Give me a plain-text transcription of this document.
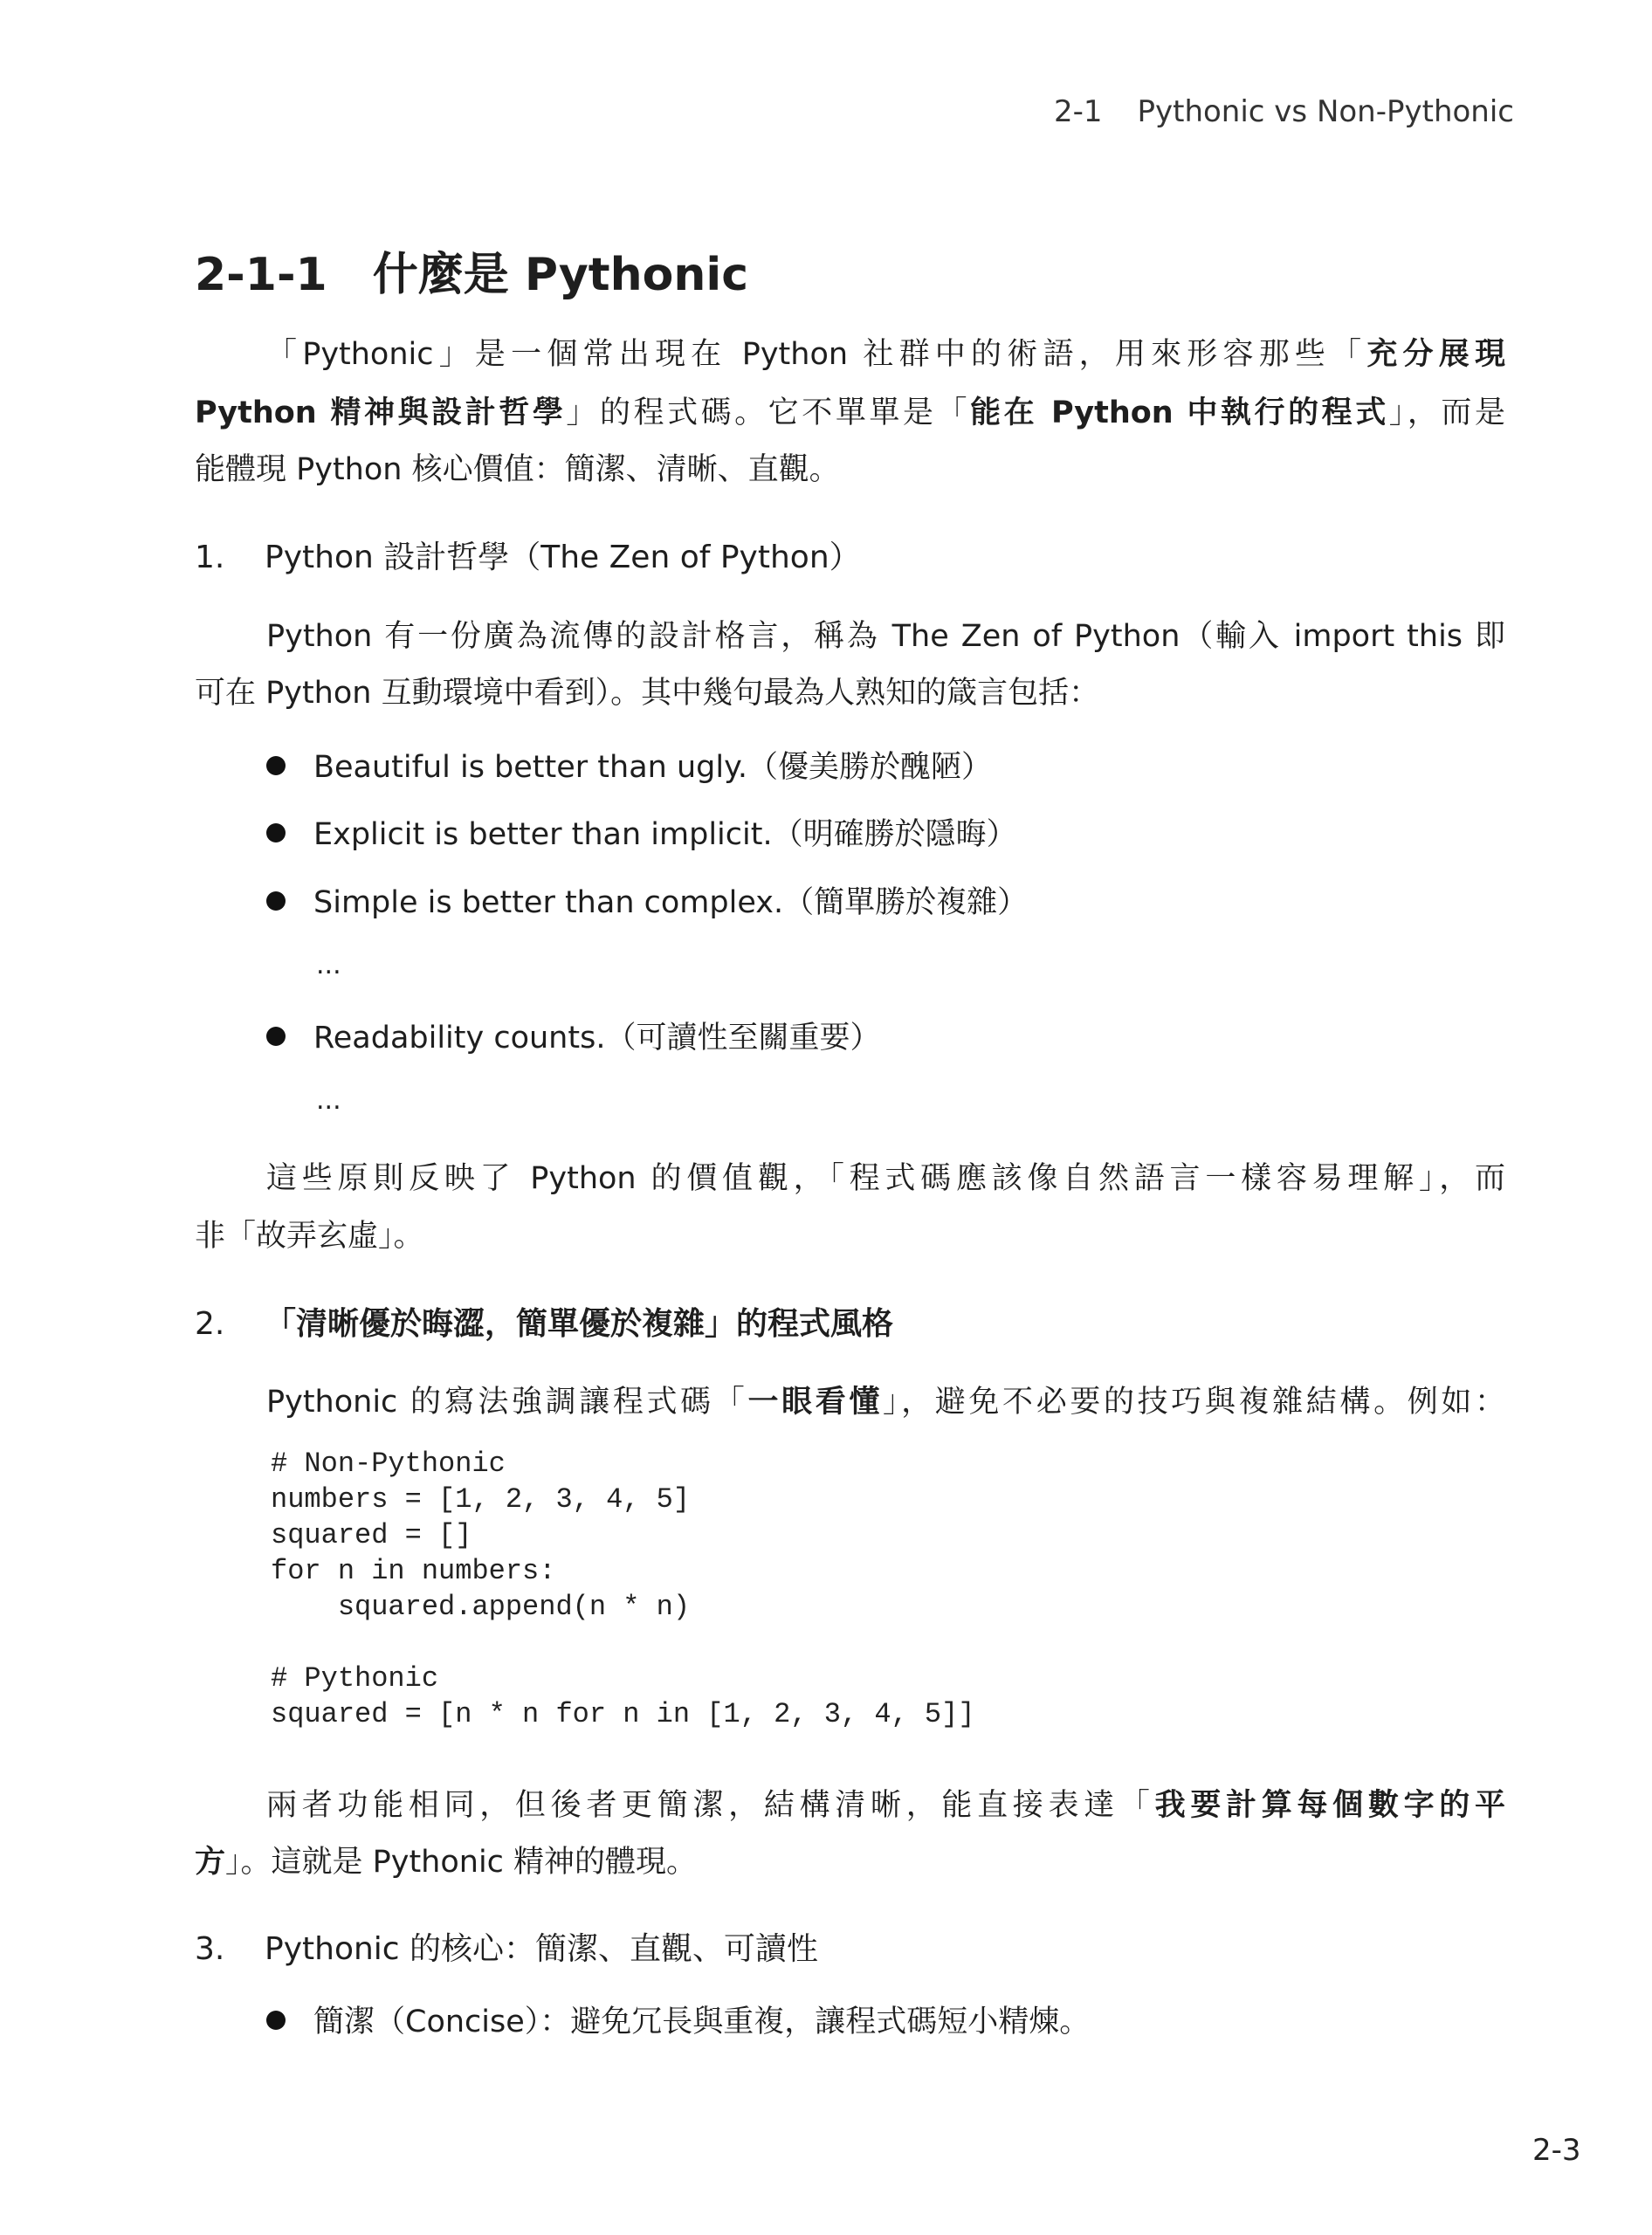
2-1 Pythonic vs Non-Pythonic
2-1-1 什麼是 Pythonic
「Pythonic」是一個常出現在 Python 社群中的術語，用來形容那些「充分展現
Python 精神與設計哲學」的程式碼。它不單單是「能在 Python 中執行的程式」，而是
能體現 Python 核心價值：簡潔、清晰、直觀。
1. Python 設計哲學（The Zen of Python）
Python 有一份廣為流傳的設計格言，稱為 The Zen of Python（輸入 import this 即
可在 Python 互動環境中看到）。其中幾句最為人熟知的箴言包括：
Beautiful is better than ugly.（優美勝於醜陋）
Explicit is better than implicit.（明確勝於隱晦）
Simple is better than complex.（簡單勝於複雜）
...
Readability counts.（可讀性至關重要）
...
這些原則反映了 Python 的價值觀，「程式碼應該像自然語言一樣容易理解」，而
非「故弄玄虛」。
2. 「清晰優於晦澀，簡單優於複雜」的程式風格
Pythonic 的寫法強調讓程式碼「一眼看懂」，避免不必要的技巧與複雜結構。例如：
# Non-Pythonic
numbers = [1, 2, 3, 4, 5]
squared = []
for n in numbers:
squared.append(n * n)
# Pythonic
squared = [n * n for n in [1, 2, 3, 4, 5]]
兩者功能相同，但後者更簡潔，結構清晰，能直接表達「我要計算每個數字的平
方」。這就是 Pythonic 精神的體現。
3. Pythonic 的核心：簡潔、直觀、可讀性
簡潔（Concise）：避免冗長與重複，讓程式碼短小精煉。
2-3
